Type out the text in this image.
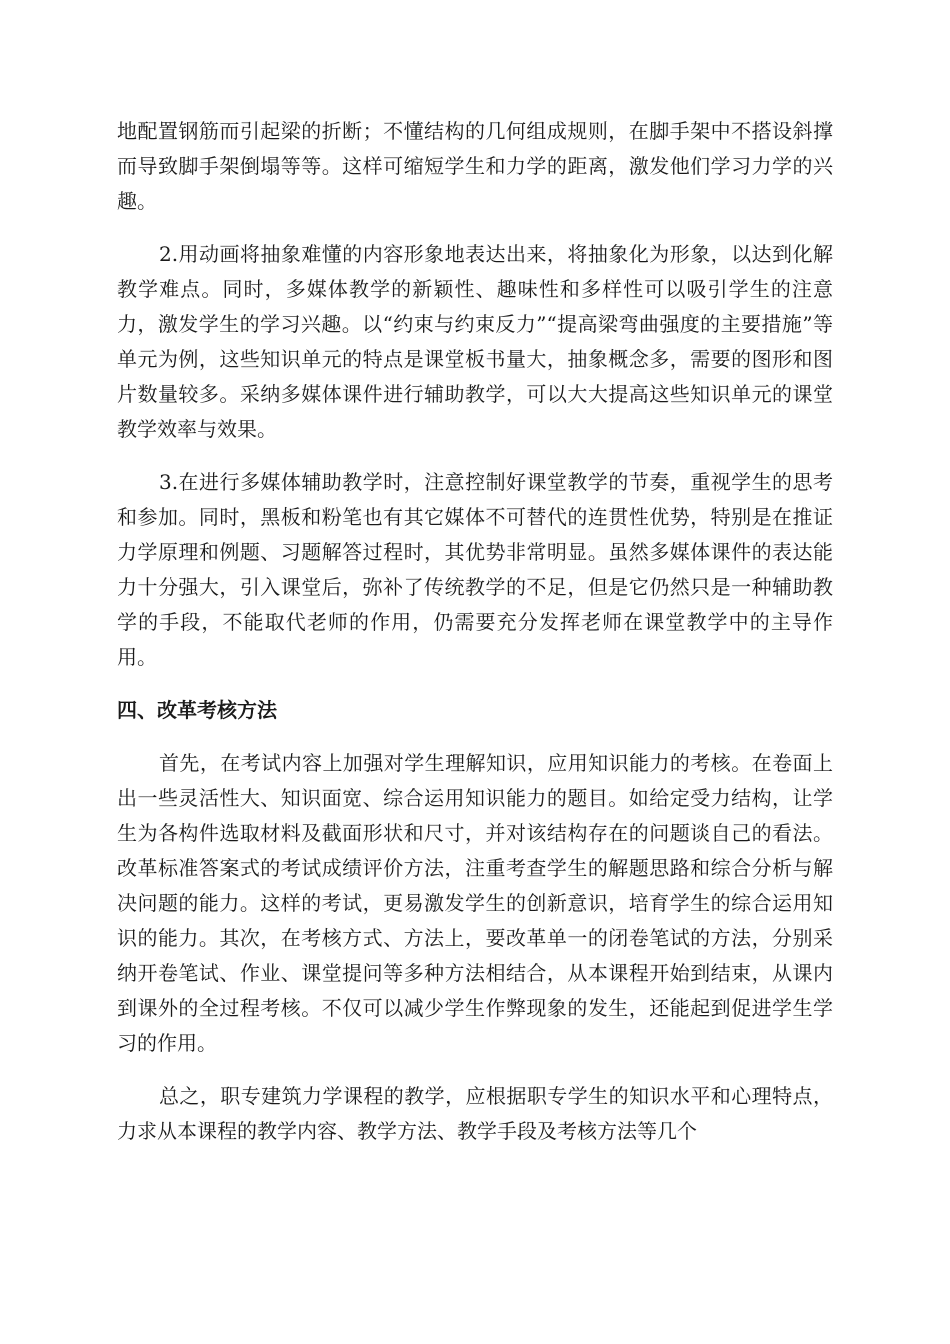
地配置钢筋而引起梁的折断；不懂结构的几何组成规则，在脚手架中不搭设斜撑而导致脚手架倒塌等等。这样可缩短学生和力学的距离，激发他们学习力学的兴趣。

2.用动画将抽象难懂的内容形象地表达出来，将抽象化为形象，以达到化解教学难点。同时，多媒体教学的新颖性、趣味性和多样性可以吸引学生的注意力，激发学生的学习兴趣。以“约束与约束反力”“提高梁弯曲强度的主要措施”等单元为例，这些知识单元的特点是课堂板书量大，抽象概念多，需要的图形和图片数量较多。采纳多媒体课件进行辅助教学，可以大大提高这些知识单元的课堂教学效率与效果。

3.在进行多媒体辅助教学时，注意控制好课堂教学的节奏，重视学生的思考和参加。同时，黑板和粉笔也有其它媒体不可替代的连贯性优势，特别是在推证力学原理和例题、习题解答过程时，其优势非常明显。虽然多媒体课件的表达能力十分强大，引入课堂后，弥补了传统教学的不足，但是它仍然只是一种辅助教学的手段，不能取代老师的作用，仍需要充分发挥老师在课堂教学中的主导作用。

四、改革考核方法

首先，在考试内容上加强对学生理解知识，应用知识能力的考核。在卷面上出一些灵活性大、知识面宽、综合运用知识能力的题目。如给定受力结构，让学生为各构件选取材料及截面形状和尺寸，并对该结构存在的问题谈自己的看法。改革标准答案式的考试成绩评价方法，注重考查学生的解题思路和综合分析与解决问题的能力。这样的考试，更易激发学生的创新意识，培育学生的综合运用知识的能力。其次，在考核方式、方法上，要改革单一的闭卷笔试的方法，分别采纳开卷笔试、作业、课堂提问等多种方法相结合，从本课程开始到结束，从课内到课外的全过程考核。不仅可以减少学生作弊现象的发生，还能起到促进学生学习的作用。

总之，职专建筑力学课程的教学，应根据职专学生的知识水平和心理特点，力求从本课程的教学内容、教学方法、教学手段及考核方法等几个
